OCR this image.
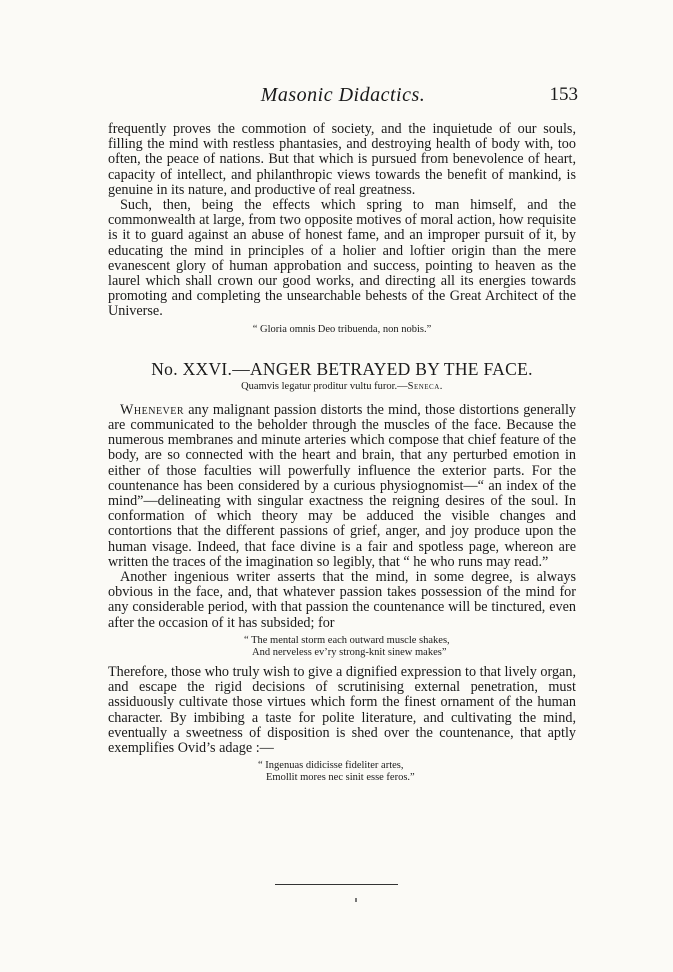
Masonic Didactics.	153

frequently proves the commotion of society, and the inquietude of our souls, filling the mind with restless phantasies, and destroying health of body with, too often, the peace of nations. But that which is pursued from benevolence of heart, capacity of intellect, and philanthropic views towards the benefit of mankind, is genuine in its nature, and productive of real greatness.

Such, then, being the effects which spring to man himself, and the commonwealth at large, from two opposite motives of moral action, how requisite is it to guard against an abuse of honest fame, and an improper pursuit of it, by educating the mind in principles of a holier and loftier origin than the mere evanescent glory of human approbation and success, pointing to heaven as the laurel which shall crown our good works, and directing all its energies towards promoting and completing the unsearchable behests of the Great Architect of the Universe.

“ Gloria omnis Deo tribuenda, non nobis.”
No. XXVI.—ANGER BETRAYED BY THE FACE.
Quamvis legatur proditur vultu furor.—Seneca.

Whenever any malignant passion distorts the mind, those distortions generally are communicated to the beholder through the muscles of the face. Because the numerous membranes and minute arteries which compose that chief feature of the body, are so connected with the heart and brain, that any perturbed emotion in either of those faculties will powerfully influence the exterior parts. For the countenance has been considered by a curious physiognomist—“ an index of the mind”—delineating with singular exactness the reigning desires of the soul. In conformation of which theory may be adduced the visible changes and contortions that the different passions of grief, anger, and joy produce upon the human visage. Indeed, that face divine is a fair and spotless page, whereon are written the traces of the imagination so legibly, that “ he who runs may read.”

Another ingenious writer asserts that the mind, in some degree, is always obvious in the face, and, that whatever passion takes possession of the mind for any considerable period, with that passion the countenance will be tinctured, even after the occasion of it has subsided; for

“ The mental storm each outward muscle shakes,
And nerveless ev’ry strong-knit sinew makes”

Therefore, those who truly wish to give a dignified expression to that lively organ, and escape the rigid decisions of scrutinising external penetration, must assiduously cultivate those virtues which form the finest ornament of the human character. By imbibing a taste for polite literature, and cultivating the mind, eventually a sweetness of disposition is shed over the countenance, that aptly exemplifies Ovid’s adage :—

“ Ingenuas didicisse fideliter artes,
Emollit mores nec sinit esse feros.”
